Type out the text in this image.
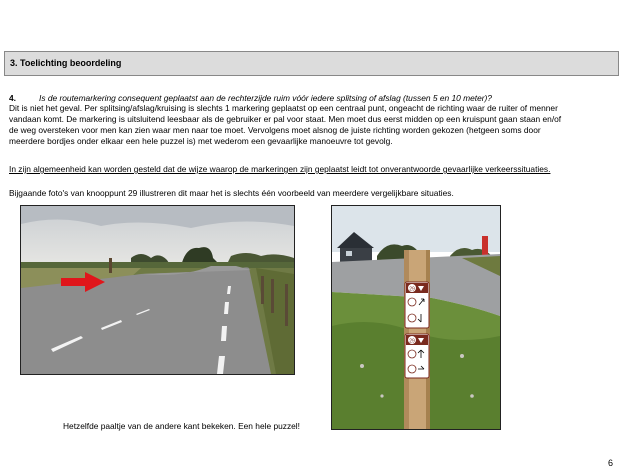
3. Toelichting beoordeling
4.	Is de routemarkering consequent geplaatst aan de rechterzijde ruim vóór iedere splitsing of afslag (tussen 5 en 10 meter)?
Dit is niet het geval. Per splitsing/afslag/kruising is slechts 1 markering geplaatst op een centraal punt, ongeacht de richting waar de ruiter of menner
vandaan komt. De markering is uitsluitend leesbaar als de gebruiker er pal voor staat. Men moet dus eerst midden op een kruispunt gaan staan en/of
de weg oversteken voor men kan zien waar men naar toe moet. Vervolgens moet alsnog de juiste richting worden gekozen (hetgeen soms door
meerdere bordjes onder elkaar een hele puzzel is) met wederom een gevaarlijke manoeuvre tot gevolg.
In zijn algemeenheid kan worden gesteld dat de wijze waarop de markeringen zijn geplaatst leidt tot onverantwoorde gevaarlijke verkeerssituaties.
Bijgaande foto's van knooppunt 29 illustreren dit maar het is slechts één voorbeeld van meerdere vergelijkbare situaties.
29
29
Hetzelfde paaltje van de andere kant bekeken. Een hele puzzel!
6
